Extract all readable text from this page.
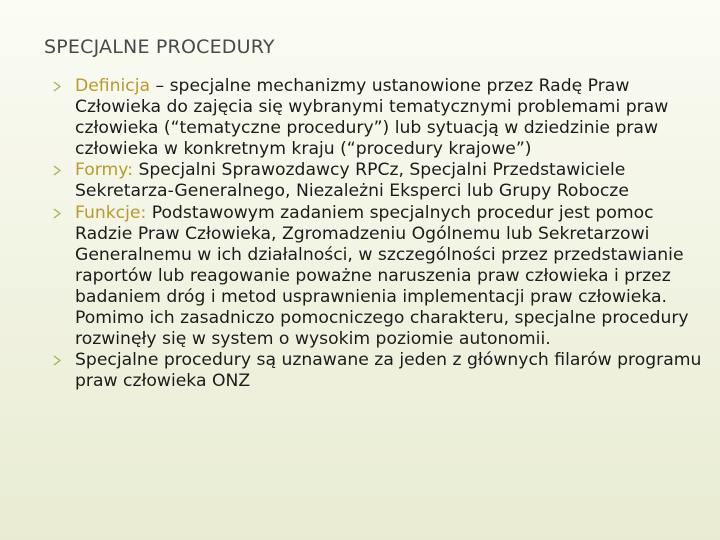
SPECJALNE PROCEDURY
Definicja – specjalne mechanizmy ustanowione przez Radę Praw Człowieka do zajęcia się wybranymi tematycznymi problemami praw człowieka (“tematyczne procedury”) lub sytuacją w dziedzinie praw człowieka w konkretnym kraju (“procedury krajowe”)
Formy: Specjalni Sprawozdawcy RPCz, Specjalni Przedstawiciele Sekretarza-Generalnego, Niezależni Eksperci lub Grupy Robocze
Funkcje: Podstawowym zadaniem specjalnych procedur jest pomoc Radzie Praw Człowieka, Zgromadzeniu Ogólnemu lub Sekretarzowi Generalnemu w ich działalności, w szczególności przez przedstawianie raportów lub reagowanie poważne naruszenia praw człowieka i przez badaniem dróg i metod usprawnienia implementacji praw człowieka. Pomimo ich zasadniczo pomocniczego charakteru, specjalne procedury rozwinęły się w system o wysokim poziomie autonomii.
Specjalne procedury są uznawane za jeden z głównych filarów programu praw człowieka ONZ
